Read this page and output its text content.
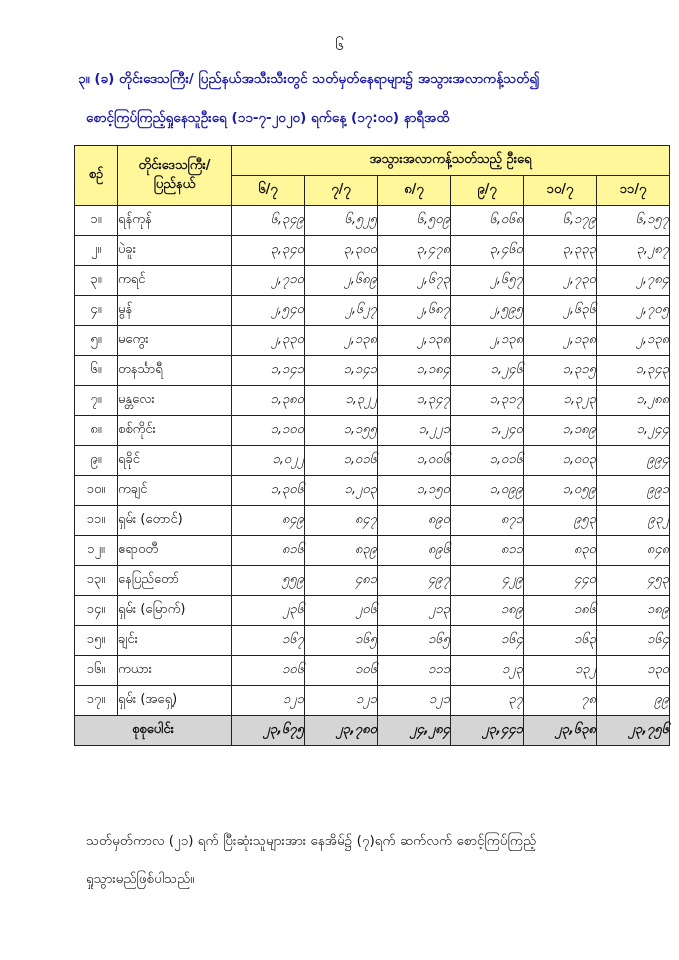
၆
၃။ (ခ) တိုင်းဒေသကြီး/ ပြည်နယ်အသီးသီးတွင် သတ်မှတ်နေရာများ၌ အသွားအလာကန့်သတ်၍
စောင့်ကြပ်ကြည့်ရှုနေသူဦးရေ (၁၁-၇-၂၀၂၀) ရက်နေ့ (၁၇:၀၀) နာရီအထိ
စဉ်	တိုင်းဒေသကြီး/ ပြည်နယ်	အသွားအလာကန့်သတ်သည့် ဦးရေ					
		၆/၇	၇/၇	၈/၇	၉/၇	၁၀/၇	၁၁/၇
၁။	ရန်ကုန်	၆,၃၄၉	၆,၅၂၅	၆,၅၀၉	၆,၀၆၈	၆,၁၇၉	၆,၁၅၇
၂။	ပဲခူး	၃,၃၄၀	၃,၃၀၀	၃,၄၇၈	၃,၄၆၀	၃,၃၃၃	၃,၂၈၇
၃။	ကရင်	၂,၇၁၀	၂,၆၈၉	၂,၆၇၃	၂,၆၅၇	၂,၇၃၀	၂,၇၈၄
၄။	မွန်	၂,၅၄၀	၂,၆၂၇	၂,၆၈၇	၂,၅၉၅	၂,၆၃၆	၂,၇၀၅
၅။	မကွေး	၂,၃၃၀	၂,၁၃၈	၂,၁၃၈	၂,၁၃၈	၂,၁၃၈	၂,၁၃၈
၆။	တနင်္သာရီ	၁,၁၄၁	၁,၁၄၁	၁,၁၈၄	၁,၂၄၆	၁,၃၁၅	၁,၃၄၃
၇။	မန္တလေး	၁,၃၈၀	၁,၃၂၂	၁,၃၄၇	၁,၃၁၇	၁,၃၂၃	၁,၂၈၈
၈။	စစ်ကိုင်း	၁,၁၀၀	၁,၁၅၅	၁,၂၂၁	၁,၂၄၀	၁,၁၈၉	၁,၂၄၄
၉။	ရခိုင်	၁,၀၂၂	၁,၀၁၆	၁,၀၀၆	၁,၀၁၆	၁,၀၀၃	၉၉၄
၁၀။	ကချင်	၁,၃၀၆	၁,၂၀၃	၁,၁၅၀	၁,၀၉၉	၁,၀၅၉	၉၉၁
၁၁။	ရှမ်း (တောင်)	၈၄၉	၈၄၇	၈၉၀	၈၇၁	၉၅၃	၉၃၂
၁၂။	ဧရာဝတီ	၈၁၆	၈၃၉	၈၉၆	၈၁၁	၈၃၀	၈၄၈
၁၃။	နေပြည်တော်	၅၅၉	၄၈၁	၄၉၇	၄၂၉	၄၄၀	၄၅၃
၁၄။	ရှမ်း (မြောက်)	၂၃၆	၂၀၆	၂၁၃	၁၈၉	၁၈၆	၁၈၉
၁၅။	ချင်း	၁၆၇	၁၆၅	၁၆၅	၁၆၄	၁၆၃	၁၆၄
၁၆။	ကယား	၁၀၆	၁၀၆	၁၁၁	၁၂၃	၁၃၂	၁၃၀
၁၇။	ရှမ်း (အရှေ့)	၁၂၁	၁၂၁	၁၂၁	၃၇	၇၈	၉၉
စုစုပေါင်း		၂၃,၆၇၅	၂၃,၇၈၀	၂၄,၂၈၄	၂၃,၄၄၁	၂၃,၆၃၈	၂၃,၇၅၆
သတ်မှတ်ကာလ (၂၁) ရက် ပြီးဆုံးသူများအား နေအိမ်၌ (၇)ရက် ဆက်လက် စောင့်ကြပ်ကြည့်
ရှုသွားမည်ဖြစ်ပါသည်။
